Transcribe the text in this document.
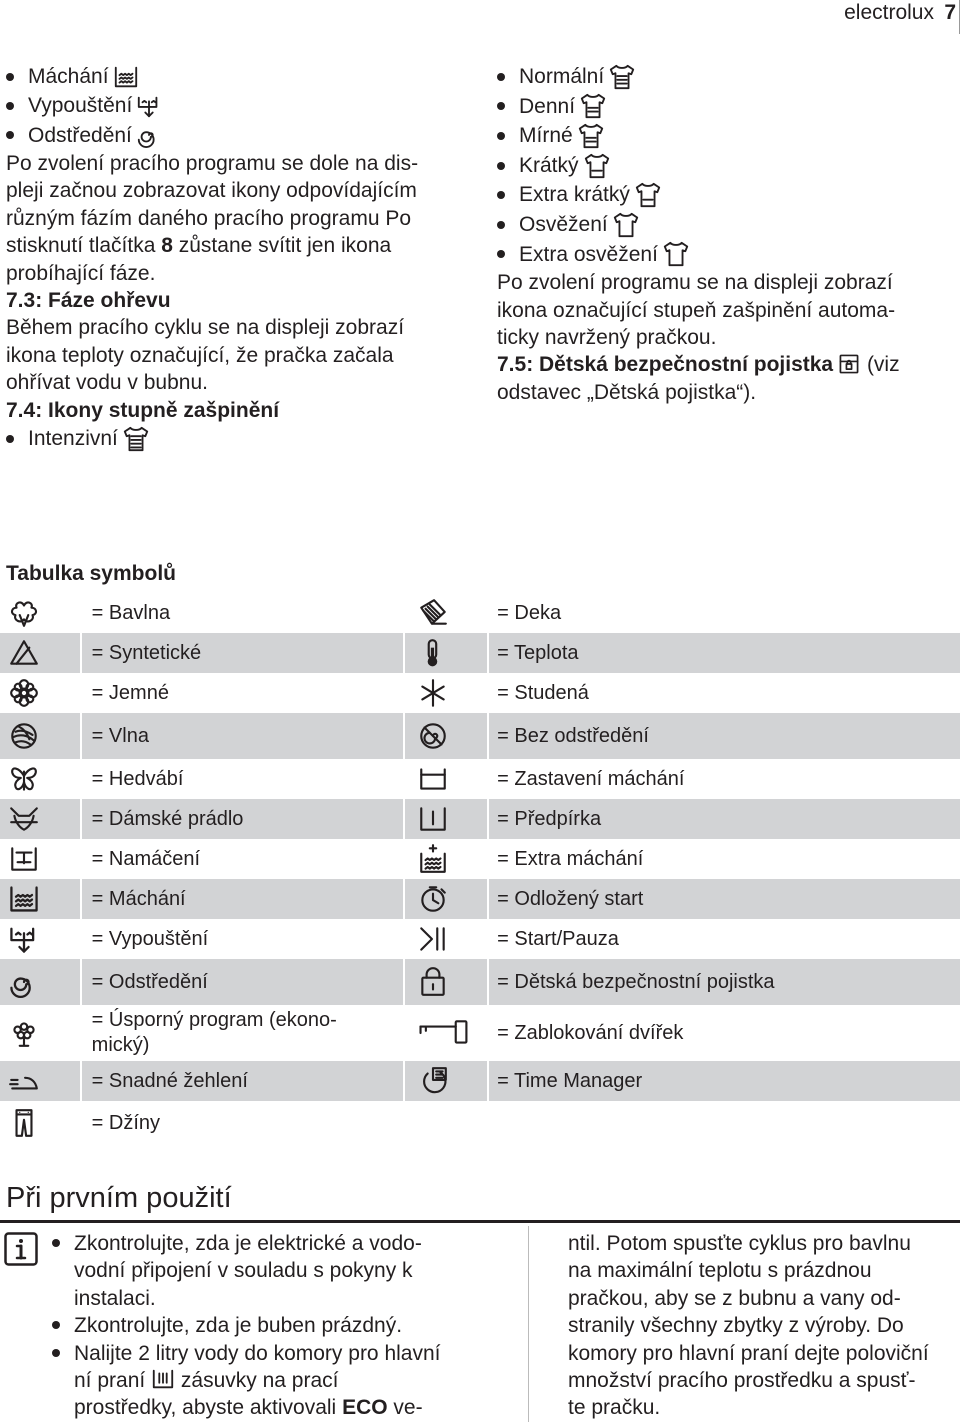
electrolux 7
Máchání
Vypouštění
Odstředění

Po zvolení pracího programu se dole na dis-
pleji začnou zobrazovat ikony odpovídajícím
různým fázím daného pracího programu Po
stisknutí tlačítka 8 zůstane svítit jen ikona
probíhající fáze.

7.3: Fáze ohřevu

Během pracího cyklu se na displeji zobrazí
ikona teploty označující, že pračka začala
ohřívat vodu v bubnu.

7.4: Ikony stupně zašpinění
Intenzivní
Normální
Denní
Mírné
Krátký
Extra krátký
Osvěžení
Extra osvěžení

Po zvolení programu se na displeji zobrazí
ikona označující stupeň zašpinění automa-
ticky navržený pračkou.

7.5: Dětská bezpečnostní pojistka
(viz
odstavec „Dětská pojistka“).
Tabulka symbolů
	= Bavlna		= Deka

	= Syntetické		= Teplota

	= Jemné		= Studená

	= Vlna		= Bez odstředění

	= Hedvábí		= Zastavení máchání

	= Dámské prádlo		= Předpírka

	= Namáčení		= Extra máchání

	= Máchání		= Odložený start

	= Vypouštění		= Start/Pauza

	= Odstředění		= Dětská bezpečnostní pojistka

	= Úsporný program (ekono-
mický)		= Zablokování dvířek

	= Snadné žehlení		= Time Manager

	= Džíny	

Při prvním použití
Zkontrolujte, zda je elektrické a vodo-
vodní připojení v souladu s pokyny k
instalaci.
Zkontrolujte, zda je buben prázdný.
Nalijte 2 litry vody do komory pro hlavní
ní praní
zásuvky na prací
prostředky, abyste aktivovali ECO ve-
ntil. Potom spusťte cyklus pro bavlnu
na maximální teplotu s prázdnou
pračkou, aby se z bubnu a vany od-
stranily všechny zbytky z výroby. Do
komory pro hlavní praní dejte poloviční
množství pracího prostředku a spusť-
te pračku.
